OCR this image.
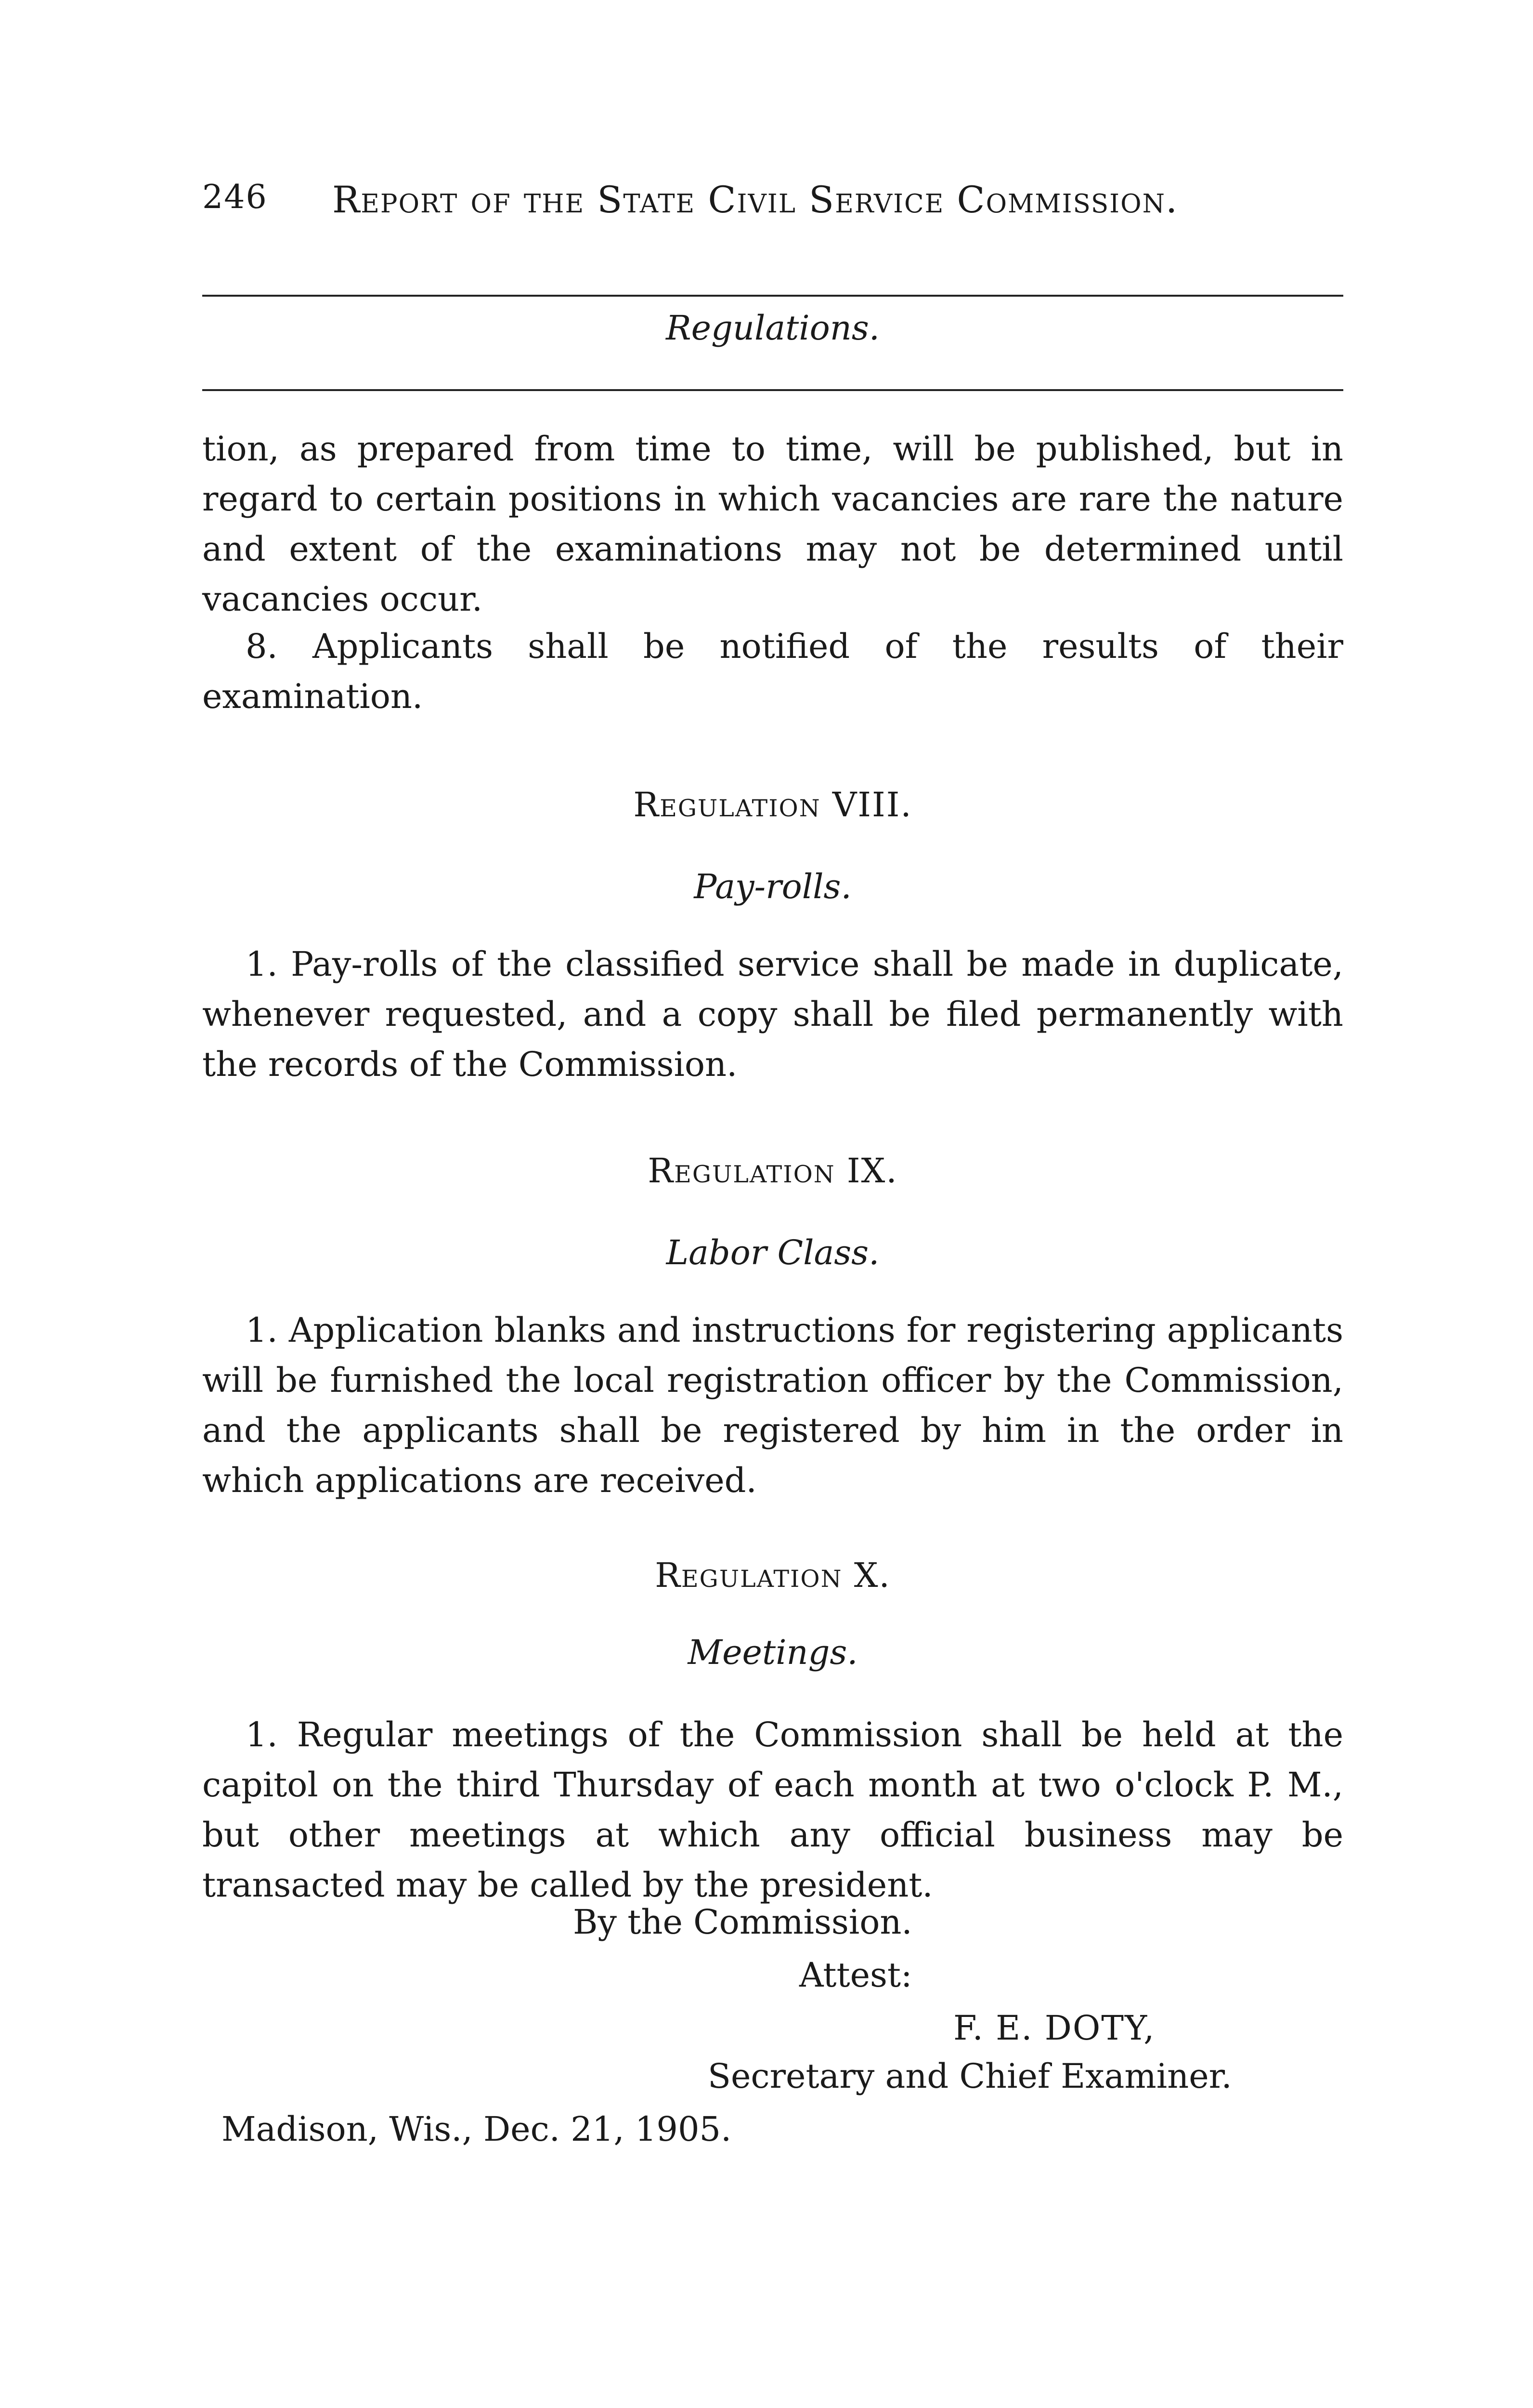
246 Report of the State Civil Service Commission.
Regulations.

tion, as prepared from time to time, will be published, but in regard to certain positions in which vacancies are rare the nature and extent of the examinations may not be determined until vacancies occur.

8. Applicants shall be notified of the results of their examination.

Regulation VIII.
Pay-rolls.

1. Pay-rolls of the classified service shall be made in duplicate, whenever requested, and a copy shall be filed permanently with the records of the Commission.

Regulation IX.
Labor Class.

1. Application blanks and instructions for registering applicants will be furnished the local registration officer by the Commission, and the applicants shall be registered by him in the order in which applications are received.

Regulation X.
Meetings.

1. Regular meetings of the Commission shall be held at the capitol on the third Thursday of each month at two o'clock P. M., but other meetings at which any official business may be transacted may be called by the president.

By the Commission.
Attest:
F. E. DOTY,
Secretary and Chief Examiner.
Madison, Wis., Dec. 21, 1905.
